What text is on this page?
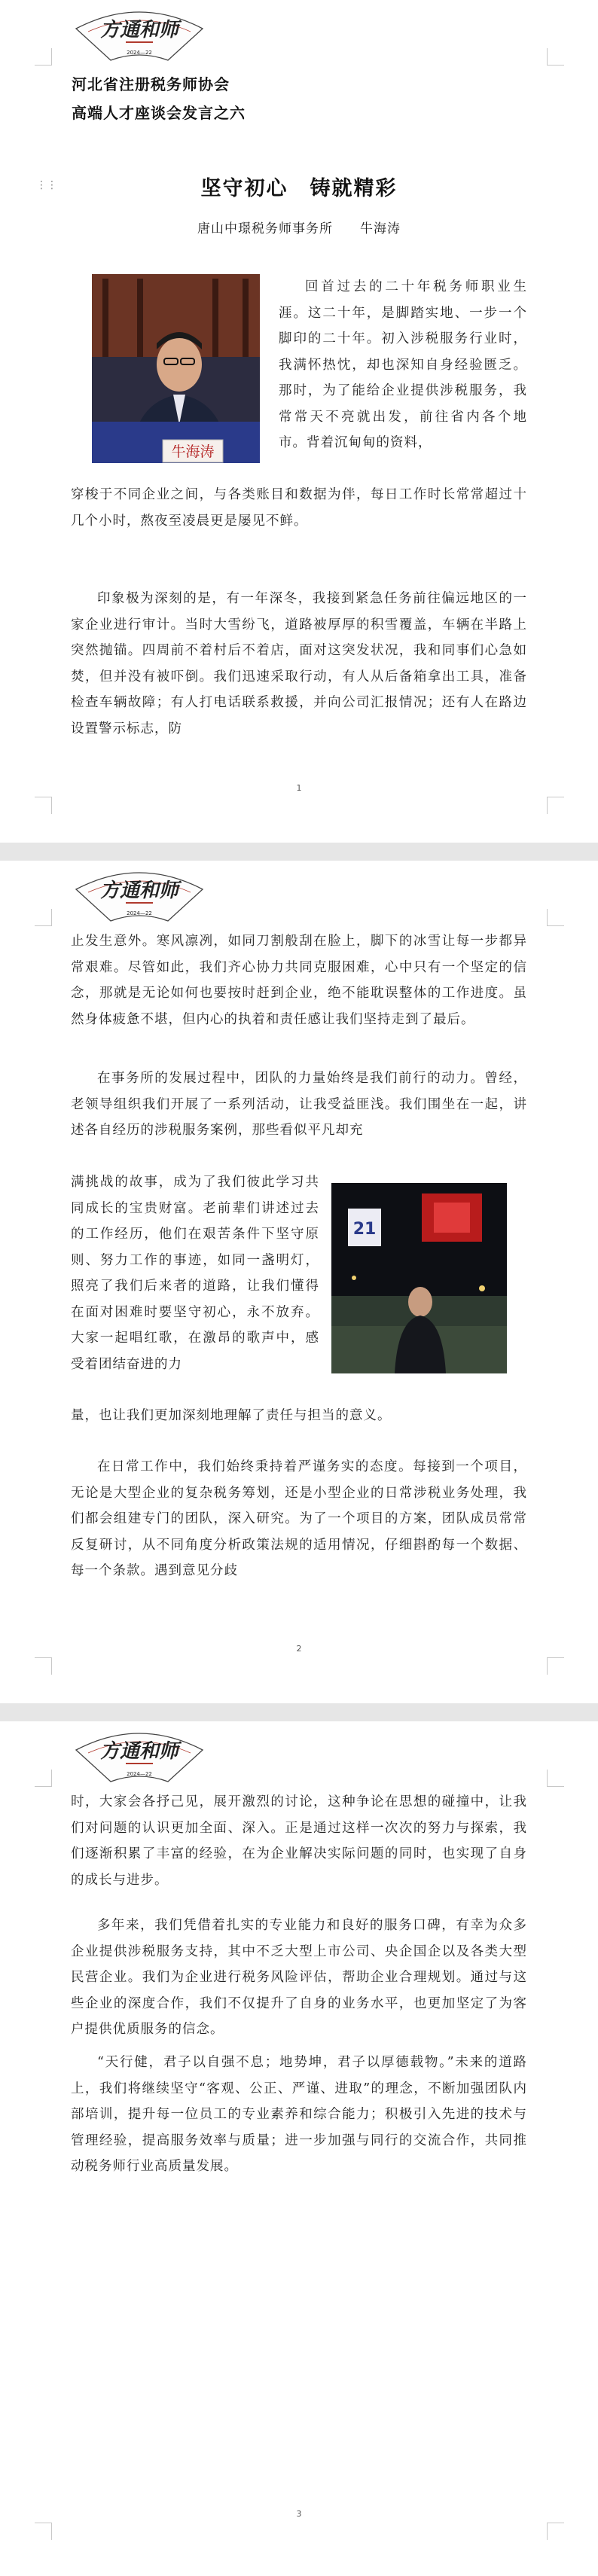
方通和师
2024—22
河北省注册税务师协会
高端人才座谈会发言之六
⋮⋮	坚守初心　铸就精彩
唐山中璟税务师事务所　　牛海涛
牛海涛
回首过去的二十年税务师职业生涯。这二十年，是脚踏实地、一步一个脚印的二十年。初入涉税服务行业时，我满怀热忱，却也深知自身经验匮乏。那时，为了能给企业提供涉税服务，我常常天不亮就出发，前往省内各个地市。背着沉甸甸的资料，
穿梭于不同企业之间，与各类账目和数据为伴，每日工作时长常常超过十几个小时，熬夜至凌晨更是屡见不鲜。
印象极为深刻的是，有一年深冬，我接到紧急任务前往偏远地区的一家企业进行审计。当时大雪纷飞，道路被厚厚的积雪覆盖，车辆在半路上突然抛锚。四周前不着村后不着店，面对这突发状况，我和同事们心急如焚，但并没有被吓倒。我们迅速采取行动，有人从后备箱拿出工具，准备检查车辆故障；有人打电话联系救援，并向公司汇报情况；还有人在路边设置警示标志，防
1
方通和师
2024—22
止发生意外。寒风凛冽，如同刀割般刮在脸上，脚下的冰雪让每一步都异常艰难。尽管如此，我们齐心协力共同克服困难，心中只有一个坚定的信念，那就是无论如何也要按时赶到企业，绝不能耽误整体的工作进度。虽然身体疲惫不堪，但内心的执着和责任感让我们坚持走到了最后。
21
在事务所的发展过程中，团队的力量始终是我们前行的动力。曾经，老领导组织我们开展了一系列活动，让我受益匪浅。我们围坐在一起，讲述各自经历的涉税服务案例，那些看似平凡却充
满挑战的故事，成为了我们彼此学习共同成长的宝贵财富。老前辈们讲述过去的工作经历，他们在艰苦条件下坚守原则、努力工作的事迹，如同一盏明灯，照亮了我们后来者的道路，让我们懂得在面对困难时要坚守初心，永不放弃。大家一起唱红歌，在激昂的歌声中，感受着团结奋进的力
量，也让我们更加深刻地理解了责任与担当的意义。
在日常工作中，我们始终秉持着严谨务实的态度。每接到一个项目，无论是大型企业的复杂税务筹划，还是小型企业的日常涉税业务处理，我们都会组建专门的团队，深入研究。为了一个项目的方案，团队成员常常反复研讨，从不同角度分析政策法规的适用情况，仔细斟酌每一个数据、每一个条款。遇到意见分歧
2
方通和师
2024—22
时，大家会各抒己见，展开激烈的讨论，这种争论在思想的碰撞中，让我们对问题的认识更加全面、深入。正是通过这样一次次的努力与探索，我们逐渐积累了丰富的经验，在为企业解决实际问题的同时，也实现了自身的成长与进步。
多年来，我们凭借着扎实的专业能力和良好的服务口碑，有幸为众多企业提供涉税服务支持，其中不乏大型上市公司、央企国企以及各类大型民营企业。我们为企业进行税务风险评估，帮助企业合理规划。通过与这些企业的深度合作，我们不仅提升了自身的业务水平，也更加坚定了为客户提供优质服务的信念。
“天行健，君子以自强不息；地势坤，君子以厚德载物。”未来的道路上，我们将继续坚守“客观、公正、严谨、进取”的理念，不断加强团队内部培训，提升每一位员工的专业素养和综合能力；积极引入先进的技术与管理经验，提高服务效率与质量；进一步加强与同行的交流合作，共同推动税务师行业高质量发展。
3
